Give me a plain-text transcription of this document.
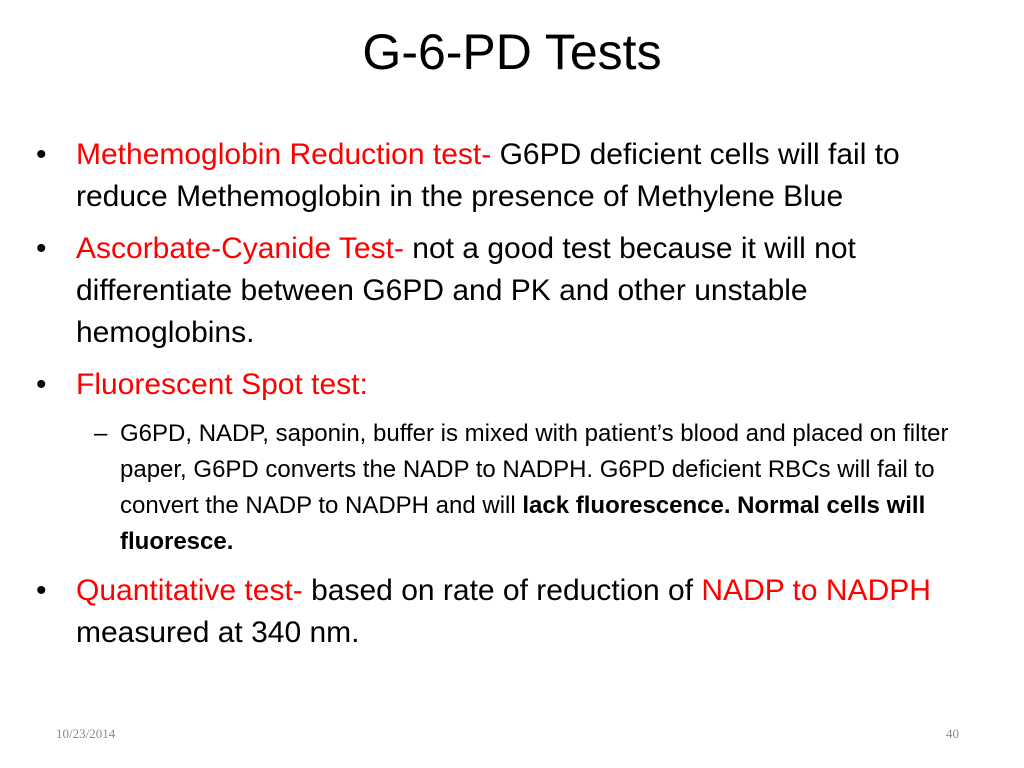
G-6-PD Tests
• Methemoglobin Reduction test- G6PD deficient cells will fail to reduce Methemoglobin in the presence of Methylene Blue
• Ascorbate-Cyanide Test- not a good test because it will not differentiate between G6PD and PK and other unstable hemoglobins.
• Fluorescent Spot test:
– G6PD, NADP, saponin, buffer is mixed with patient’s blood and placed on filter paper, G6PD converts the NADP to NADPH. G6PD deficient RBCs will fail to convert the NADP to NADPH and will lack fluorescence. Normal cells will fluoresce.
• Quantitative test- based on rate of reduction of NADP to NADPH measured at 340 nm.
10/23/2014	40
